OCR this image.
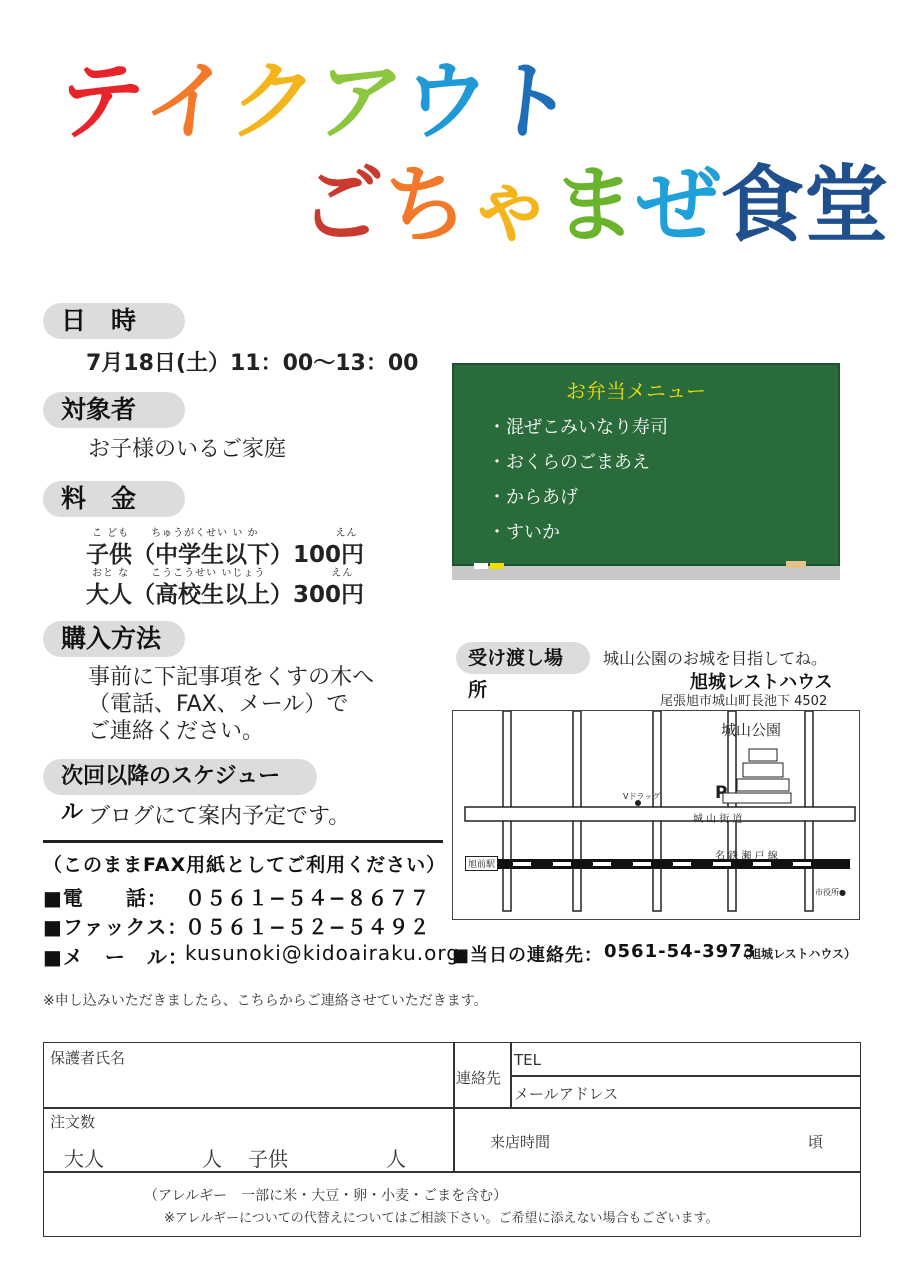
テ
イ
ク
ア
ウ
ト
ご ち ゃ ま ぜ 食 堂
日　時
7月18日(土）11：00～13：00
対象者
お子様のいるご家庭
料　金
こ ども　　ちゅうがくせい い か　　　　　　　えん
子供（中学生以下）100円
おと な　　こうこうせい いじょう　　　　　　えん
大人（高校生以上）300円
購入方法
事前に下記事項をくすの木へ
（電話、FAX、メール）で
ご連絡ください。
次回以降のスケジュール ブログにて案内予定です。
お弁当メニュー
・混ぜこみいなり寿司
・おくらのごまあえ
・からあげ
・すいか
受け渡し場所
城山公園のお城を目指してね。
旭城レストハウス
尾張旭市城山町長池下 4502
城山公園
Vドラッグ	P
城 山 街 道
名 鉄 瀬 戸 線
旭前駅
市役所●
（このままFAX用紙としてご利用ください）
■電　　話： ０５６１−５４−８６７７
■ファックス：
０５６１−５２−５４９２
■メ　ー　ル：
kusunoki@kidoairaku.org
■当日の連絡先： 0561-54-3973
（旭城レストハウス）
※申し込みいただきましたら、こちらからご連絡させていただきます。
保護者氏名
連絡先
TEL
メールアドレス
注文数
大人	人 子供	人
来店時間	頃
（アレルギー　一部に米・大豆・卵・小麦・ごまを含む）
※アレルギーについての代替えについてはご相談下さい。ご希望に添えない場合もございます。
